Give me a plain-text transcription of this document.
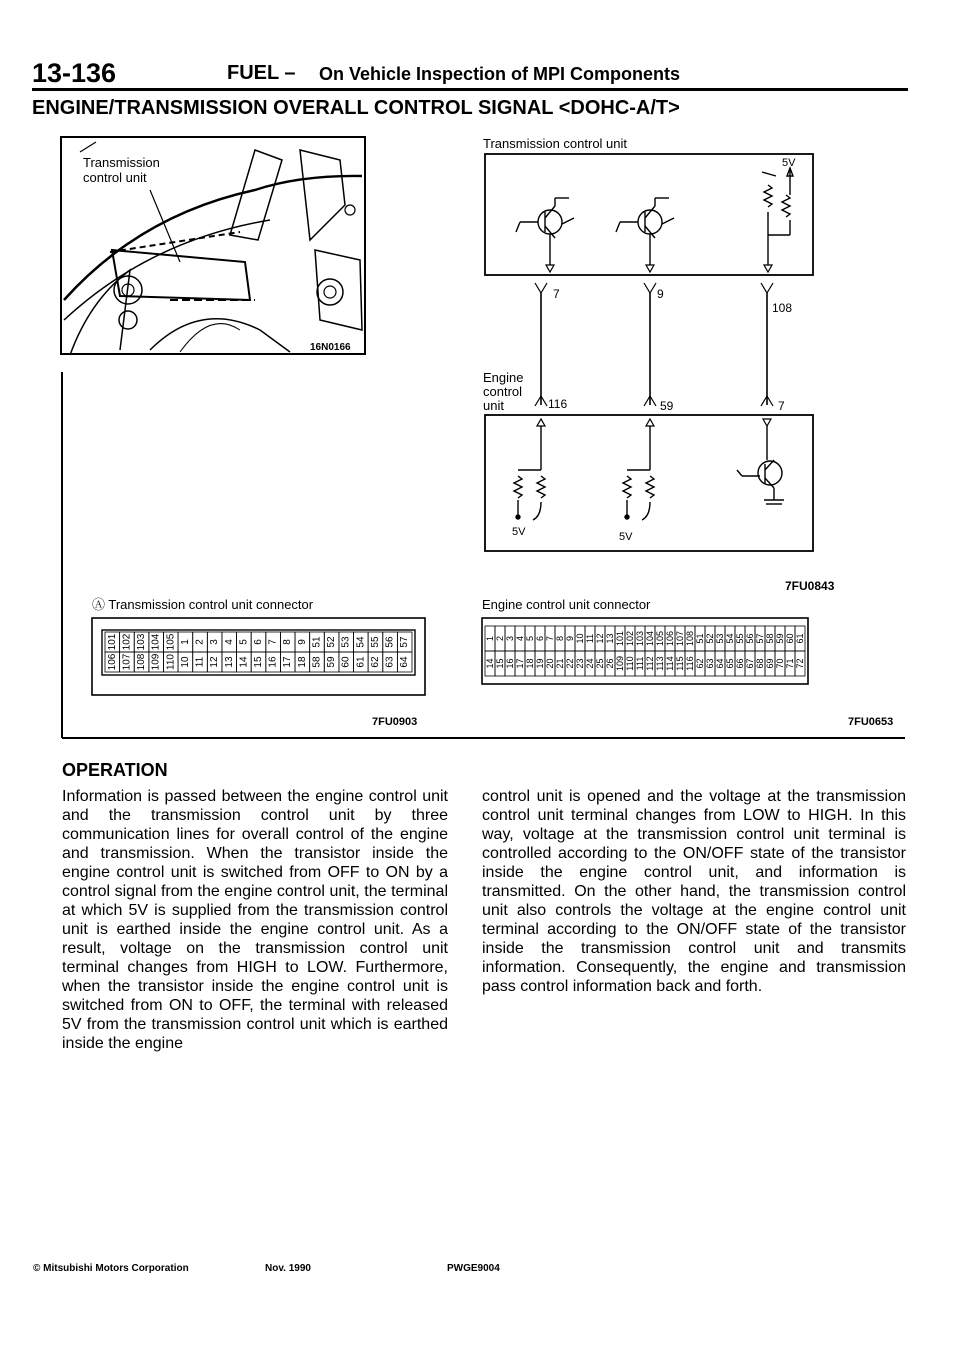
13-136	FUEL – On Vehicle Inspection of MPI Components
ENGINE/TRANSMISSION OVERALL CONTROL SIGNAL <DOHC-A/T>
Transmission
control unit
16N0166
Transmission control unit
5V
7	9
108
Engine
control
unit	116	59	7
5V	5V
7FU0843
Ⓐ Transmission control unit connector
101 102 103 104 105 1 2 3 4 5 6 7 8 9 51 52 53 54 55 56 57
106 107 108 109 110 10 11 12 13 14 15 16 17 18 58 59 60 61 62 63 64
7FU0903
Engine control unit connector
1 2 3 4 5 6 7 8 9 10 11 12 13 101 102 103 104 105 106 107 108 51 52 53 54 55 56 57 58 59 60 61
14 15 16 17 18 19 20 21 22 23 24 25 26 109 110 111 112 113 114 115 116 62 63 64 65 66 67 68 69 70 71 72
7FU0653
OPERATION

Information is passed between the engine control unit and the transmission control unit by three communication lines for overall control of the engine and transmission. When the transistor inside the engine control unit is switched from OFF to ON by a control signal from the engine control unit, the terminal at which 5V is supplied from the transmission control unit is earthed inside the engine control unit. As a result, voltage on the transmission control unit terminal changes from HIGH to LOW. Furthermore, when the transistor inside the engine control unit is switched from ON to OFF, the terminal with released 5V from the transmission control unit which is earthed inside the engine

control unit is opened and the voltage at the transmission control unit terminal changes from LOW to HIGH. In this way, voltage at the transmission control unit terminal is controlled according to the ON/OFF state of the transistor inside the engine control unit, and information is transmitted. On the other hand, the transmission control unit also controls the voltage at the engine control unit terminal according to the ON/OFF state of the transistor inside the transmission control unit and transmits information. Consequently, the engine and transmission pass control information back and forth.

© Mitsubishi Motors Corporation	Nov. 1990	PWGE9004
